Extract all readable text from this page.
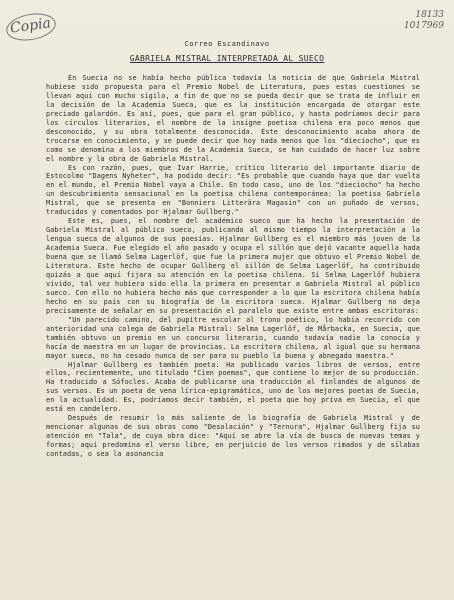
Copia
18133
1017969
Correo Escandinavo
GABRIELA MISTRAL INTERPRETADA AL SUECO

En Suecia no se había hecho pública todavía la noticia de que Gabriela Mistral hubiese sido propuesta para el Premio Nobel de Literatura, pues estas cuestiones se llevan aquí con mucho sigilo, a fin de que no se pueda decir que se trata de influir en la decisión de la Academia Sueca, que es la institución encargada de otorgar este preciado galardón. Es así, pues, que para el gran público, y hasta podríamos decir para los círculos literarios, el nombre de la insigne poetisa chilena era poco menos que desconocido, y su obra totalmente desconocida. Este desconocimiento acaba ahora de trocarse en conocimiento, y se puede decir que hoy nada menos que los "dieciocho", que es como se denomina a los miembros de la Academia Sueca, se han cuidado de hacer luz sobre el nombre y la obra de Gabriela Mistral.

Es con razón, pues, que Ivar Harrie, crítico literario del importante diario de Estocolmo "Dagens Nyheter", ha podido decir: "Es probable que cuando haya que dar vuelta en el mundo, el Premio Nobel vaya a Chile. En todo caso, uno de los "dieciocho" ha hecho un descubrimiento sensacional en la poetisa chilena contemporánea: la poetisa Gabriela Mistral, que se presenta en "Bonniers Litterära Magasin" con un puñado de versos, traducidos y comentados por Hjalmar Gullberg."

Este es, pues, el nombre del académico sueco que ha hecho la presentación de Gabriela Mistral al público sueco, publicando al mismo tiempo la interpretación a la lengua sueca de algunos de sus poesías. Hjalmar Gullberg es el miembro más joven de la Academia Sueca. Fue elegido el año pasado y ocupa el sillón que dejó vacante aquella hada buena que se llamó Selma Lagerlöf, que fue la primera mujer que obtuvo el Premio Nobel de Literatura. Este hecho de ocupar Gullberg el sillón de Selma Lagerlöf, ha contribuido quizás a que aquí fijara su atención en la poetisa chilena. Si Selma Lagerlöf hubiera vivido, tal vez hubiera sido ella la primera en presentar a Gabriela Mistral al público sueco. Con ello no hubiera hecho más que corresponder a lo que la escritora chilena había hecho en su país con su biografía de la escritora sueca. Hjalmar Gullberg no deja precisamente de señalar en su presentación el paralelo que existe entre ambas escritoras:

"Un parecido camino, del pupitre escolar al trono poético, lo había recorrido con anterioridad una colega de Gabriela Mistral: Selma Lagerlöf, de Mårbacka, en Suecia, que también obtuvo un premio en un concurso literario, cuando todavía nadie la conocía y hacía de maestra en un lugar de provincias. La escritora chilena, al igual que su hermana mayor sueca, no ha cesado nunca de ser para su pueblo la buena y abnegada maestra."

Hjalmar Gullberg es también poeta. Ha publicado varios libros de versos, entre ellos, recientemente, uno titulado "Cien poemas", que contiene lo mejor de su producción. Ha traducido a Sófocles. Acaba de publicarse una traducción al finlandés de algunos de sus versos. Es un poeta de vena lírica-epigramática, uno de los mejores poetas de Suecia, en la actualidad. Es, podríamos decir también, el poeta que hoy priva en Suecia, el que está en candelero.

Después de resumir lo más saliente de la biografía de Gabriela Mistral y de mencionar algunas de sus obras como "Desolación" y "Ternura", Hjalmar Gullberg fija su atención en "Tala", de cuya obra dice: "Aquí se abre la vía de busca de nuevas temas y formas; aquí predomina el verso libre, en perjuicio de los versos rimados y de sílabas contadas, o sea la asonancia
